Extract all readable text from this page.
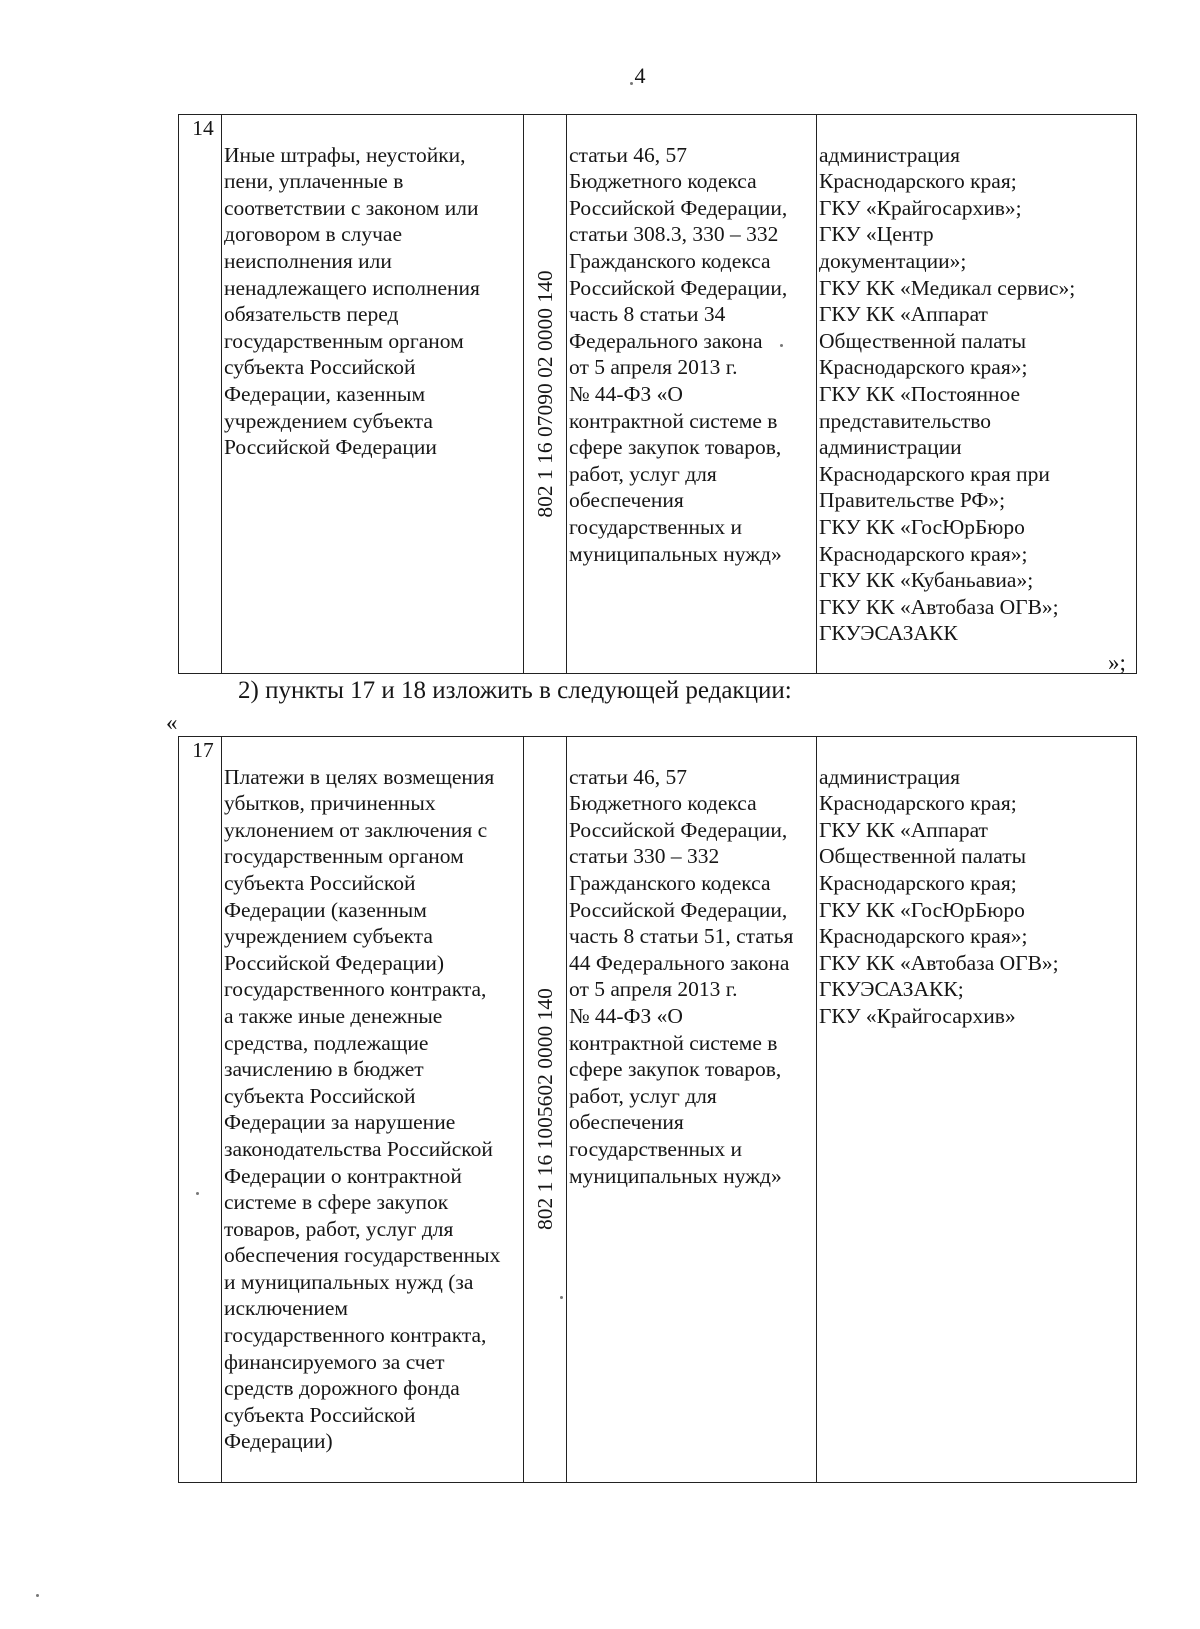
4
14	

Иные штрафы, неустойки,
пени, уплаченные в
соответствии с законом или
договором в случае
неисполнения или
ненадлежащего исполнения
обязательств перед
государственным органом
субъекта Российской
Федерации, казенным
учреждением субъекта
Российской Федерации	802 1 16 07090 02 0000 140

статьи 46, 57
Бюджетного кодекса
Российской Федерации,
статьи 308.3, 330 – 332
Гражданского кодекса
Российской Федерации,
часть 8 статьи 34
Федерального закона
от 5 апреля 2013 г.
№ 44-ФЗ «О
контрактной системе в
сфере закупок товаров,
работ, услуг для
обеспечения
государственных и
муниципальных нужд»

администрация
Краснодарского края;
ГКУ «Крайгосархив»;
ГКУ «Центр
документации»;
ГКУ КК «Медикал сервис»;
ГКУ КК «Аппарат
Общественной палаты
Краснодарского края»;
ГКУ КК «Постоянное
представительство
администрации
Краснодарского края при
Правительстве РФ»;
ГКУ КК «ГосЮрБюро
Краснодарского края»;
ГКУ КК «Кубаньавиа»;
ГКУ КК «Автобаза ОГВ»;
ГКУЭСАЗАКК

»;
2) пункты 17 и 18 изложить в следующей редакции:
«
17	

Платежи в целях возмещения
убытков, причиненных
уклонением от заключения с
государственным органом
субъекта Российской
Федерации (казенным
учреждением субъекта
Российской Федерации)
государственного контракта,
а также иные денежные
средства, подлежащие
зачислению в бюджет
субъекта Российской
Федерации за нарушение
законодательства Российской
Федерации о контрактной
системе в сфере закупок
товаров, работ, услуг для
обеспечения государственных
и муниципальных нужд (за
исключением
государственного контракта,
финансируемого за счет
средств дорожного фонда
субъекта Российской
Федерации)

802 1 16 1005602 0000 140

статьи 46, 57
Бюджетного кодекса
Российской Федерации,
статьи 330 – 332
Гражданского кодекса
Российской Федерации,
часть 8 статьи 51, статья
44 Федерального закона
от 5 апреля 2013 г.
№ 44-ФЗ «О
контрактной системе в
сфере закупок товаров,
работ, услуг для
обеспечения
государственных и
муниципальных нужд»

администрация
Краснодарского края;
ГКУ КК «Аппарат
Общественной палаты
Краснодарского края;
ГКУ КК «ГосЮрБюро
Краснодарского края»;
ГКУ КК «Автобаза ОГВ»;
ГКУЭСАЗАКК;
ГКУ «Крайгосархив»
